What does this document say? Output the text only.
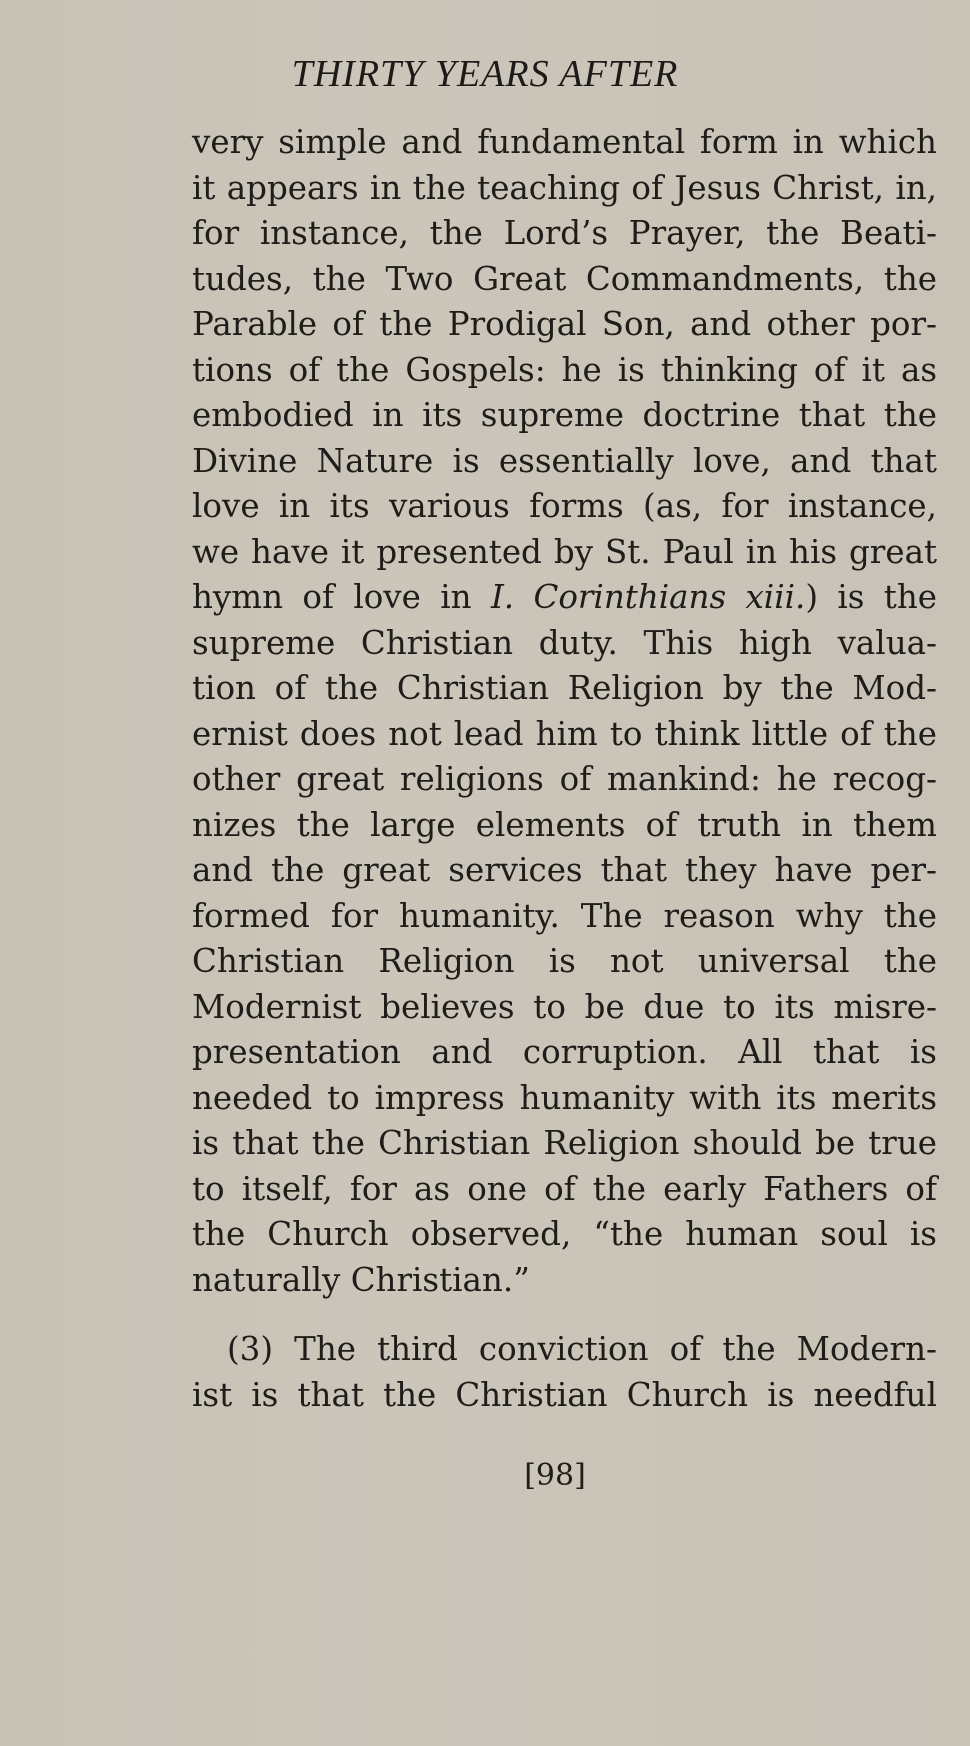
THIRTY YEARS AFTER
very simple and fundamental form in which
it appears in the teaching of Jesus Christ, in,
for instance, the Lord’s Prayer, the Beati-
tudes, the Two Great Commandments, the
Parable of the Prodigal Son, and other por-
tions of the Gospels: he is thinking of it as
embodied in its supreme doctrine that the
Divine Nature is essentially love, and that
love in its various forms (as, for instance,
we have it presented by St. Paul in his great
hymn of love in I. Corinthians xiii.) is the
supreme Christian duty. This high valua-
tion of the Christian Religion by the Mod-
ernist does not lead him to think little of the
other great religions of mankind: he recog-
nizes the large elements of truth in them
and the great services that they have per-
formed for humanity. The reason why the
Christian Religion is not universal the
Modernist believes to be due to its misre-
presentation and corruption. All that is
needed to impress humanity with its merits
is that the Christian Religion should be true
to itself, for as one of the early Fathers of
the Church observed, “the human soul is
naturally Christian.”
(3) The third conviction of the Modern-
ist is that the Christian Church is needful
[98]
